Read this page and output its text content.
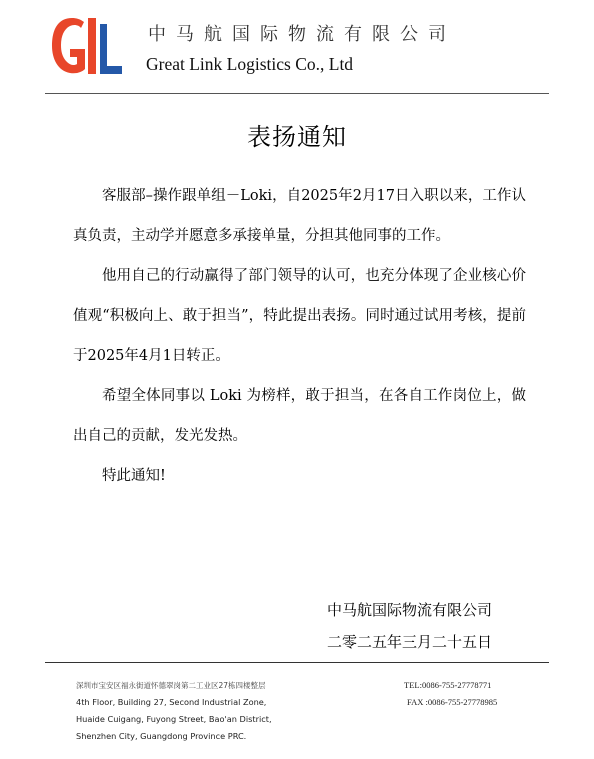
中马航国际物流有限公司
Great Link Logistics Co., Ltd
表扬通知

客服部–操作跟单组－Loki，自2025年2月17日入职以来，工作认真负责，主动学并愿意多承接单量，分担其他同事的工作。

他用自己的行动赢得了部门领导的认可，也充分体现了企业核心价值观“积极向上、敢于担当”，特此提出表扬。同时通过试用考核，提前于2025年4月1日转正。

希望全体同事以 Loki 为榜样，敢于担当，在各自工作岗位上，做出自己的贡献，发光发热。

特此通知!

中马航国际物流有限公司
二零二五年三月二十五日
深圳市宝安区福永街道怀德翠岗第二工业区27栋四楼整层
4th Floor, Building 27, Second Industrial Zone,
Huaide Cuigang, Fuyong Street, Bao'an District,
Shenzhen City, Guangdong Province PRC.
TEL:0086-755-27778771
FAX :0086-755-27778985
